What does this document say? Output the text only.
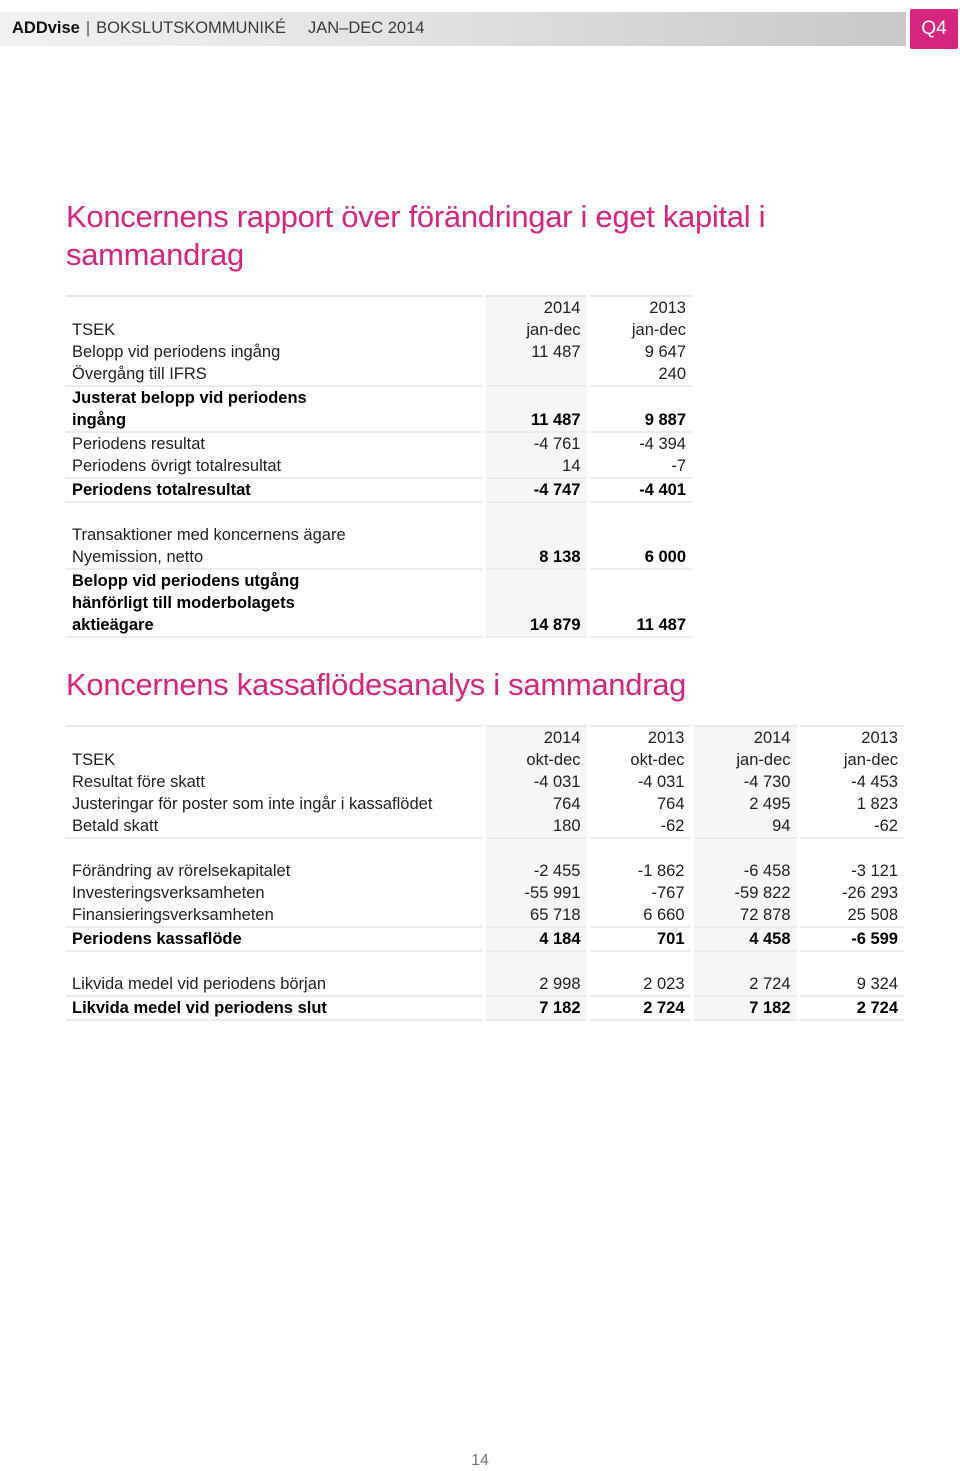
ADDvise | BOKSLUTSKOMMUNIKÉ JAN–DEC 2014	Q4
Koncernens rapport över förändringar i eget kapital i sammandrag
	2014	2013
TSEK	jan-dec	jan-dec
Belopp vid periodens ingång	11 487	9 647
Övergång till IFRS		240
Justerat belopp vid periodens		
ingång	11 487	9 887
Periodens resultat	-4 761	-4 394
Periodens övrigt totalresultat	14	-7
Periodens totalresultat	-4 747	-4 401

Transaktioner med koncernens ägare		
Nyemission, netto	8 138	6 000
Belopp vid periodens utgång		
hänförligt till moderbolagets		
aktieägare	14 879	11 487
Koncernens kassaflödesanalys i sammandrag
	2014	2013	2014	2013
TSEK	okt-dec	okt-dec	jan-dec	jan-dec
Resultat före skatt	-4 031	-4 031	-4 730	-4 453
Justeringar för poster som inte ingår i kassaflödet	764	764	2 495	1 823
Betald skatt	180	-62	94	-62

Förändring av rörelsekapitalet	-2 455	-1 862	-6 458	-3 121
Investeringsverksamheten	-55 991	-767	-59 822	-26 293
Finansieringsverksamheten	65 718	6 660	72 878	25 508
Periodens kassaflöde	4 184	701	4 458	-6 599

Likvida medel vid periodens början	2 998	2 023	2 724	9 324
Likvida medel vid periodens slut	7 182	2 724	7 182	2 724
14
